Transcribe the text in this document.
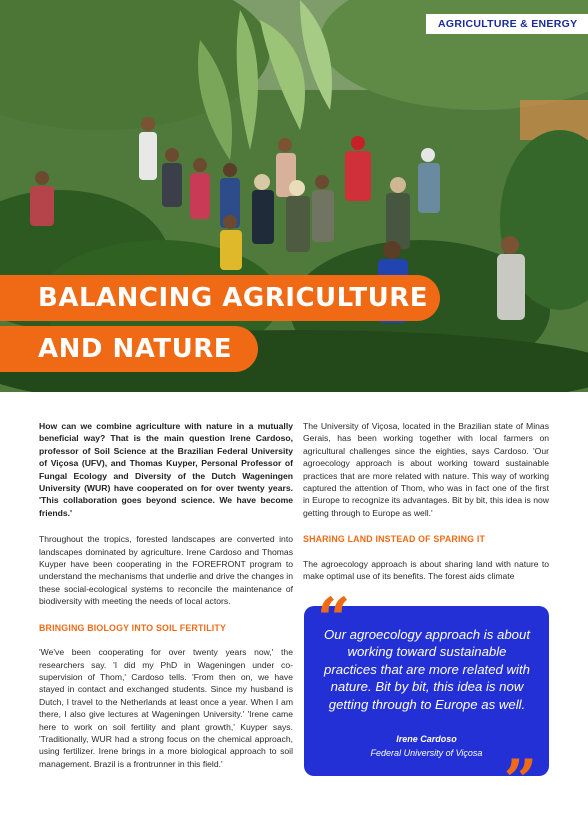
AGRICULTURE & ENERGY
BALANCING AGRICULTURE
AND NATURE

How can we combine agriculture with nature in a mutually beneficial way? That is the main question Irene Cardoso, professor of Soil Science at the Brazilian Federal University of Viçosa (UFV), and Thomas Kuyper, Personal Professor of Fungal Ecology and Diversity of the Dutch Wageningen University (WUR) have cooperated on for over twenty years. 'This collaboration goes beyond science. We have become friends.'

Throughout the tropics, forested landscapes are converted into landscapes dominated by agriculture. Irene Cardoso and Thomas Kuyper have been cooperating in the FOREFRONT program to understand the mechanisms that underlie and drive the changes in these social-ecological systems to reconcile the maintenance of biodiversity with meeting the needs of local actors.

BRINGING BIOLOGY INTO SOIL FERTILITY

'We've been cooperating for over twenty years now,' the researchers say. 'I did my PhD in Wageningen under co-supervision of Thom,' Cardoso tells. 'From then on, we have stayed in contact and exchanged students. Since my husband is Dutch, I travel to the Netherlands at least once a year. When I am there, I also give lectures at Wageningen University.' 'Irene came here to work on soil fertility and plant growth,' Kuyper says. 'Traditionally, WUR had a strong focus on the chemical approach, using fertilizer. Irene brings in a more biological approach to soil management. Brazil is a frontrunner in this field.'

The University of Viçosa, located in the Brazilian state of Minas Gerais, has been working together with local farmers on agricultural challenges since the eighties, says Cardoso. 'Our agroecology approach is about working toward sustainable practices that are more related with nature. This way of working captured the attention of Thom, who was in fact one of the first in Europe to recognize its advantages. Bit by bit, this idea is now getting through to Europe as well.'

SHARING LAND INSTEAD OF SPARING IT

The agroecology approach is about sharing land with nature to make optimal use of its benefits. The forest aids climate

“
Our agroecology approach is about working toward sustainable practices that are more related with nature. Bit by bit, this idea is now getting through to Europe as well.
Irene Cardoso
Federal University of Viçosa ”
